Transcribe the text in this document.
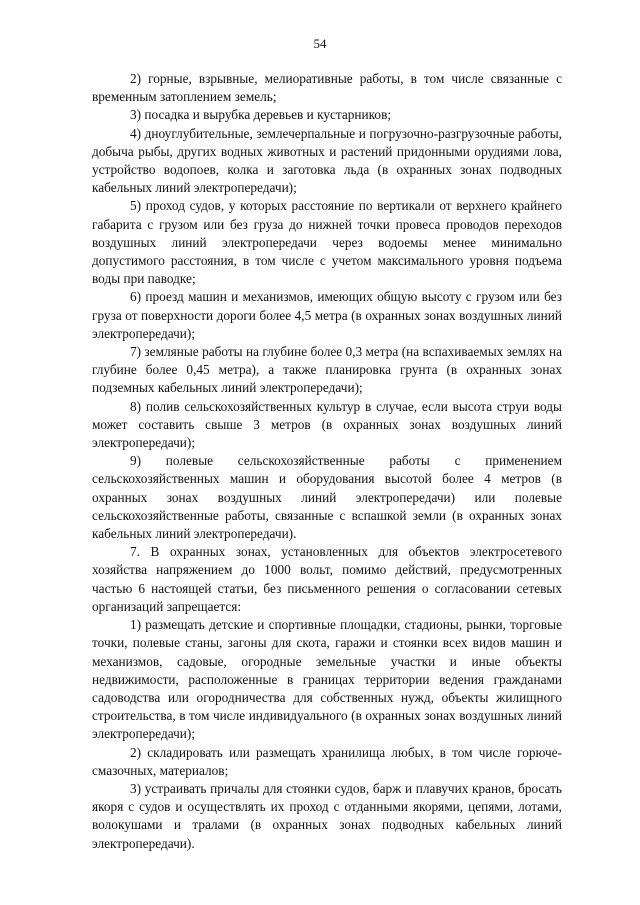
54

2) горные, взрывные, мелиоративные работы, в том числе связанные с временным затоплением земель;

3) посадка и вырубка деревьев и кустарников;

4) дноуглубительные, землечерпальные и погрузочно-разгрузочные работы, добыча рыбы, других водных животных и растений придонными орудиями лова, устройство водопоев, колка и заготовка льда (в охранных зонах подводных кабельных линий электропередачи);

5) проход судов, у которых расстояние по вертикали от верхнего крайнего габарита с грузом или без груза до нижней точки провеса проводов переходов воздушных линий электропередачи через водоемы менее минимально допустимого расстояния, в том числе с учетом максимального уровня подъема воды при паводке;

6) проезд машин и механизмов, имеющих общую высоту с грузом или без груза от поверхности дороги более 4,5 метра (в охранных зонах воздушных линий электропередачи);

7) земляные работы на глубине более 0,3 метра (на вспахиваемых землях на глубине более 0,45 метра), а также планировка грунта (в охранных зонах подземных кабельных линий электропередачи);

8) полив сельскохозяйственных культур в случае, если высота струи воды может составить свыше 3 метров (в охранных зонах воздушных линий электропередачи);

9) полевые сельскохозяйственные работы с применением сельскохозяйственных машин и оборудования высотой более 4 метров (в охранных зонах воздушных линий электропередачи) или полевые сельскохозяйственные работы, связанные с вспашкой земли (в охранных зонах кабельных линий электропередачи).

7. В охранных зонах, установленных для объектов электросетевого хозяйства напряжением до 1000 вольт, помимо действий, предусмотренных частью 6 настоящей статьи, без письменного решения о согласовании сетевых организаций запрещается:

1) размещать детские и спортивные площадки, стадионы, рынки, торговые точки, полевые станы, загоны для скота, гаражи и стоянки всех видов машин и механизмов, садовые, огородные земельные участки и иные объекты недвижимости, расположенные в границах территории ведения гражданами садоводства или огородничества для собственных нужд, объекты жилищного строительства, в том числе индивидуального (в охранных зонах воздушных линий электропередачи);

2) складировать или размещать хранилища любых, в том числе горюче-смазочных, материалов;

3) устраивать причалы для стоянки судов, барж и плавучих кранов, бросать якоря с судов и осуществлять их проход с отданными якорями, цепями, лотами, волокушами и тралами (в охранных зонах подводных кабельных линий электропередачи).
